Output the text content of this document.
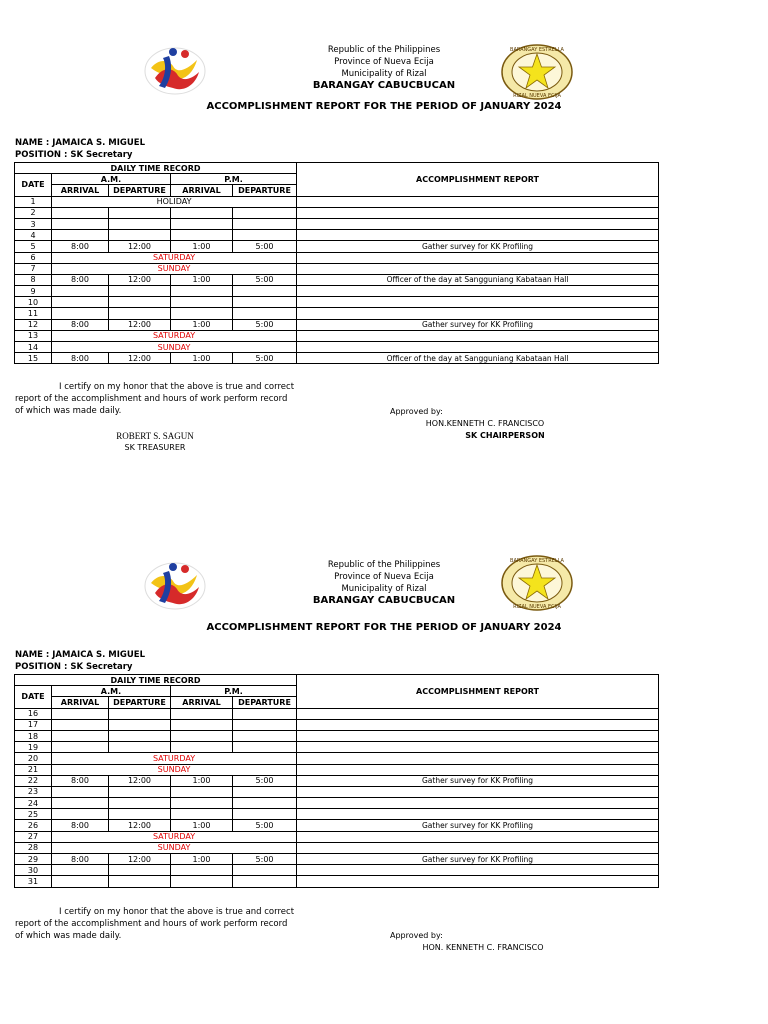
BARANGAY ESTRELLA
RIZAL NUEVA ECIJA
Republic of the Philippines
Province of Nueva Ecija
Municipality of Rizal
BARANGAY CABUCBUCAN
ACCOMPLISHMENT REPORT FOR THE PERIOD OF JANUARY 2024
NAME : JAMAICA S. MIGUEL
POSITION : SK Secretary
DAILY TIME RECORD					ACCOMPLISHMENT REPORT
DATE	A.M.		P.M.		
	ARRIVAL	DEPARTURE	ARRIVAL	DEPARTURE	
1	HOLIDAY				
2					
3					
4					
5	8:00	12:00	1:00	5:00	Gather survey for KK Profiling
6	SATURDAY				
7	SUNDAY				
8	8:00	12:00	1:00	5:00	Officer of the day at Sangguniang Kabataan Hall
9					
10					
11					
12	8:00	12:00	1:00	5:00	Gather survey for KK Profiling
13	SATURDAY				
14	SUNDAY				
15	8:00	12:00	1:00	5:00	Officer of the day at Sangguniang Kabataan Hall
I certify on my honor that the above is true and correct
report of the accomplishment and hours of work perform record
of which was made daily.	Approved by:
HON.KENNETH C. FRANCISCO
SK CHAIRPERSON
ROBERT S. SAGUN
SK TREASURER
BARANGAY ESTRELLA
RIZAL NUEVA ECIJA
Republic of the Philippines
Province of Nueva Ecija
Municipality of Rizal
BARANGAY CABUCBUCAN
ACCOMPLISHMENT REPORT FOR THE PERIOD OF JANUARY 2024
NAME : JAMAICA S. MIGUEL
POSITION : SK Secretary
DAILY TIME RECORD					ACCOMPLISHMENT REPORT
DATE	A.M.		P.M.		
	ARRIVAL	DEPARTURE	ARRIVAL	DEPARTURE	
16					
17					
18					
19					
20	SATURDAY				
21	SUNDAY				
22	8:00	12:00	1:00	5:00	Gather survey for KK Profiling
23					
24					
25					
26	8:00	12:00	1:00	5:00	Gather survey for KK Profiling
27	SATURDAY				
28	SUNDAY				
29	8:00	12:00	1:00	5:00	Gather survey for KK Profiling
30					
31					
I certify on my honor that the above is true and correct
report of the accomplishment and hours of work perform record
of which was made daily.	Approved by:
HON. KENNETH C. FRANCISCO
